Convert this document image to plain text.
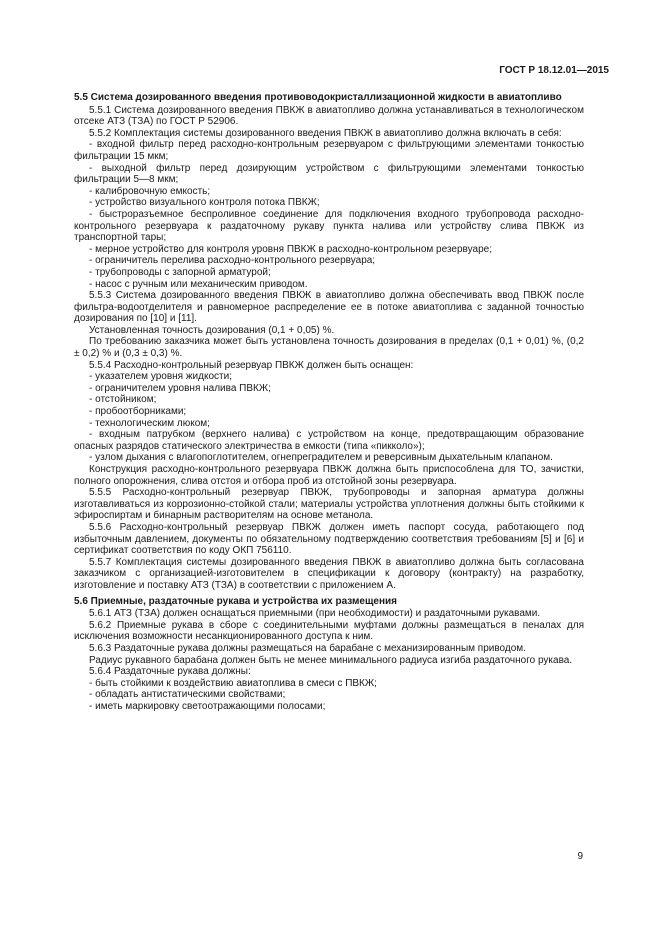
ГОСТ Р 18.12.01—2015
5.5 Система дозированного введения противоводокристаллизационной жидкости в авиатопливо

5.5.1 Система дозированного введения ПВКЖ в авиатопливо должна устанавливаться в технологическом отсеке АТЗ (ТЗА) по ГОСТ Р 52906.

5.5.2 Комплектация системы дозированного введения ПВКЖ в авиатопливо должна включать в себя:

- входной фильтр перед расходно-контрольным резервуаром с фильтрующими элементами тонкостью фильтрации 15 мкм;

- выходной фильтр перед дозирующим устройством с фильтрующими элементами тонкостью фильтрации 5—8 мкм;

- калибровочную емкость;

- устройство визуального контроля потока ПВКЖ;

- быстроразъемное беспроливное соединение для подключения входного трубопровода расходно-контрольного резервуара к раздаточному рукаву пункта налива или устройству слива ПВКЖ из транспортной тары;

- мерное устройство для контроля уровня ПВКЖ в расходно-контрольном резервуаре;

- ограничитель перелива расходно-контрольного резервуара;

- трубопроводы с запорной арматурой;

- насос с ручным или механическим приводом.

5.5.3 Система дозированного введения ПВКЖ в авиатопливо должна обеспечивать ввод ПВКЖ после фильтра-водоотделителя и равномерное распределение ее в потоке авиатоплива с заданной точностью дозирования по [10] и [11].

Установленная точность дозирования (0,1 + 0,05) %.

По требованию заказчика может быть установлена точность дозирования в пределах (0,1 + 0,01) %, (0,2 ± 0,2) % и (0,3 ± 0,3) %.

5.5.4 Расходно-контрольный резервуар ПВКЖ должен быть оснащен:

- указателем уровня жидкости;

- ограничителем уровня налива ПВКЖ;

- отстойником;

- пробоотборниками;

- технологическим люком;

- входным патрубком (верхнего налива) с устройством на конце, предотвращающим образование опасных разрядов статического электричества в емкости (типа «пикколо»);

- узлом дыхания с влагопоглотителем, огнепреградителем и реверсивным дыхательным клапаном.

Конструкция расходно-контрольного резервуара ПВКЖ должна быть приспособлена для ТО, зачистки, полного опорожнения, слива отстоя и отбора проб из отстойной зоны резервуара.

5.5.5 Расходно-контрольный резервуар ПВКЖ, трубопроводы и запорная арматура должны изготавливаться из коррозионно-стойкой стали; материалы устройства уплотнения должны быть стойкими к эфироспиртам и бинарным растворителям на основе метанола.

5.5.6 Расходно-контрольный резервуар ПВКЖ должен иметь паспорт сосуда, работающего под избыточным давлением, документы по обязательному подтверждению соответствия требованиям [5] и [6] и сертификат соответствия по коду ОКП 756110.

5.5.7 Комплектация системы дозированного введения ПВКЖ в авиатопливо должна быть согласована заказчиком с организацией-изготовителем в спецификации к договору (контракту) на разработку, изготовление и поставку АТЗ (ТЗА) в соответствии с приложением А.

5.6 Приемные, раздаточные рукава и устройства их размещения

5.6.1 АТЗ (ТЗА) должен оснащаться приемными (при необходимости) и раздаточными рукавами.

5.6.2 Приемные рукава в сборе с соединительными муфтами должны размещаться в пеналах для исключения возможности несанкционированного доступа к ним.

5.6.3 Раздаточные рукава должны размещаться на барабане с механизированным приводом.

Радиус рукавного барабана должен быть не менее минимального радиуса изгиба раздаточного рукава.

5.6.4 Раздаточные рукава должны:

- быть стойкими к воздействию авиатоплива в смеси с ПВКЖ;

- обладать антистатическими свойствами;

- иметь маркировку светоотражающими полосами;

9
